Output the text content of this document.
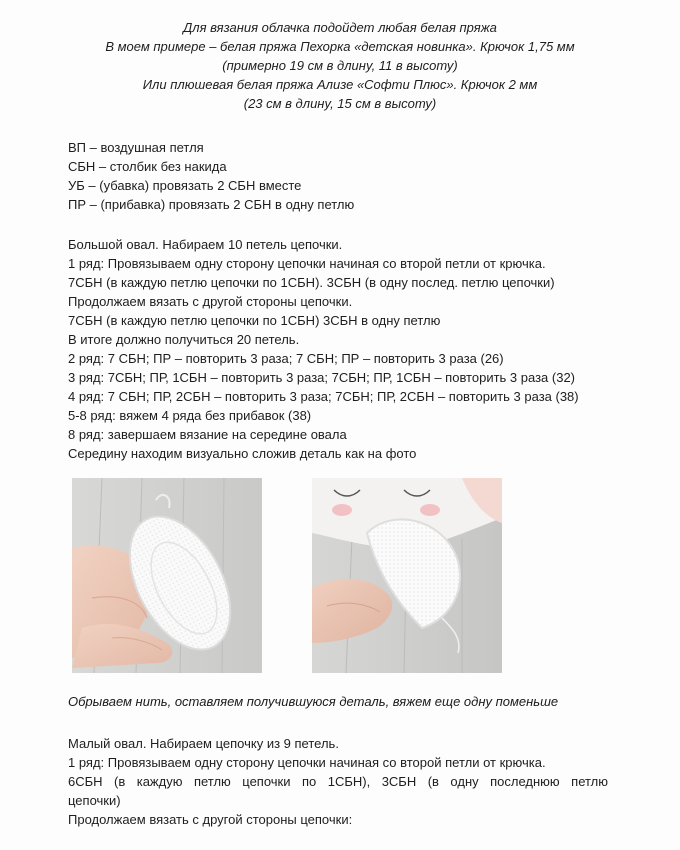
Для вязания облачка подойдет любая белая пряжа
В моем примере – белая пряжа Пехорка «детская новинка». Крючок 1,75 мм
(примерно 19 см в длину, 11 в высоту)
Или плюшевая белая пряжа Ализе «Софти Плюс». Крючок 2 мм
(23 см в длину, 15 см в высоту)
ВП – воздушная петля
СБН – столбик без накида
УБ – (убавка) провязать 2 СБН вместе
ПР – (прибавка) провязать 2 СБН в одну петлю
Большой овал. Набираем 10 петель цепочки.
1 ряд: Провязываем одну сторону цепочки начиная со второй петли от крючка.
7СБН (в каждую петлю цепочки по 1СБН). 3СБН (в одну послед. петлю цепочки)
Продолжаем вязать с другой стороны цепочки.
7СБН (в каждую петлю цепочки по 1СБН) 3СБН в одну петлю
В итоге должно получиться 20 петель.
2 ряд: 7 СБН; ПР – повторить 3 раза; 7 СБН; ПР – повторить 3 раза (26)
3 ряд: 7СБН; ПР, 1СБН – повторить 3 раза; 7СБН; ПР, 1СБН – повторить 3 раза (32)
4 ряд: 7 СБН; ПР, 2СБН – повторить 3 раза; 7СБН; ПР, 2СБН – повторить 3 раза (38)
5-8 ряд: вяжем 4 ряда без прибавок (38)
8 ряд: завершаем вязание на середине овала
Середину находим визуально сложив деталь как на фото
Обрываем нить, оставляем получившуюся деталь, вяжем еще одну поменьше
Малый овал. Набираем цепочку из 9 петель.
1 ряд: Провязываем одну сторону цепочки начиная со второй петли от крючка.
6СБН (в каждую петлю цепочки по 1СБН), 3СБН (в одну последнюю петлю
цепочки)
Продолжаем вязать с другой стороны цепочки:
